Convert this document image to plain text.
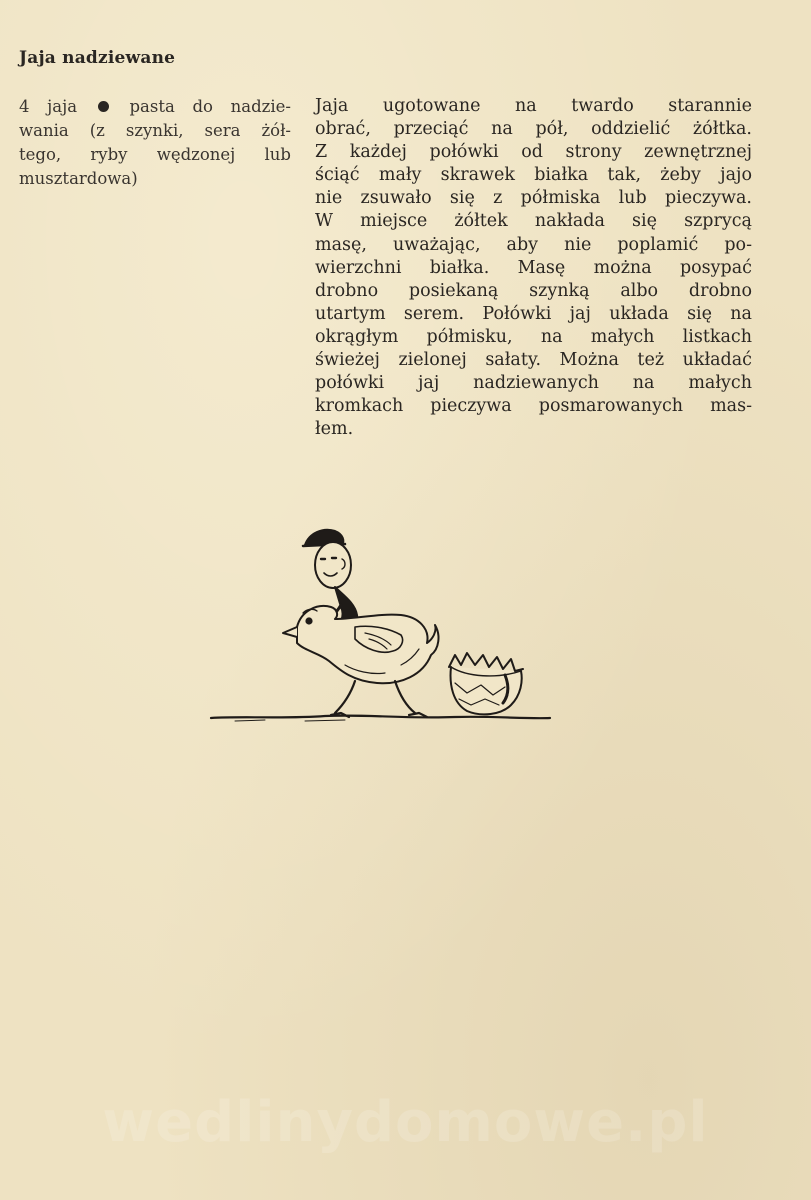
Jaja nadziewane
4 jaja	pasta do nadzie-
wania (z szynki, sera żół-
tego, ryby wędzonej lub
musztardowa)
Jaja ugotowane na twardo starannie
obrać, przeciąć na pół, oddzielić żółtka.
Z każdej połówki od strony zewnętrznej
ściąć mały skrawek białka tak, żeby jajo
nie zsuwało się z półmiska lub pieczywa.
W miejsce żółtek nakłada się szprycą
masę, uważając, aby nie poplamić po-
wierzchni białka. Masę można posypać
drobno posiekaną szynką albo drobno
utartym serem. Połówki jaj układa się na
okrągłym półmisku, na małych listkach
świeżej zielonej sałaty. Można też układać
połówki jaj nadziewanych na małych
kromkach pieczywa posmarowanych mas-
łem.
wedlinydomowe.pl
